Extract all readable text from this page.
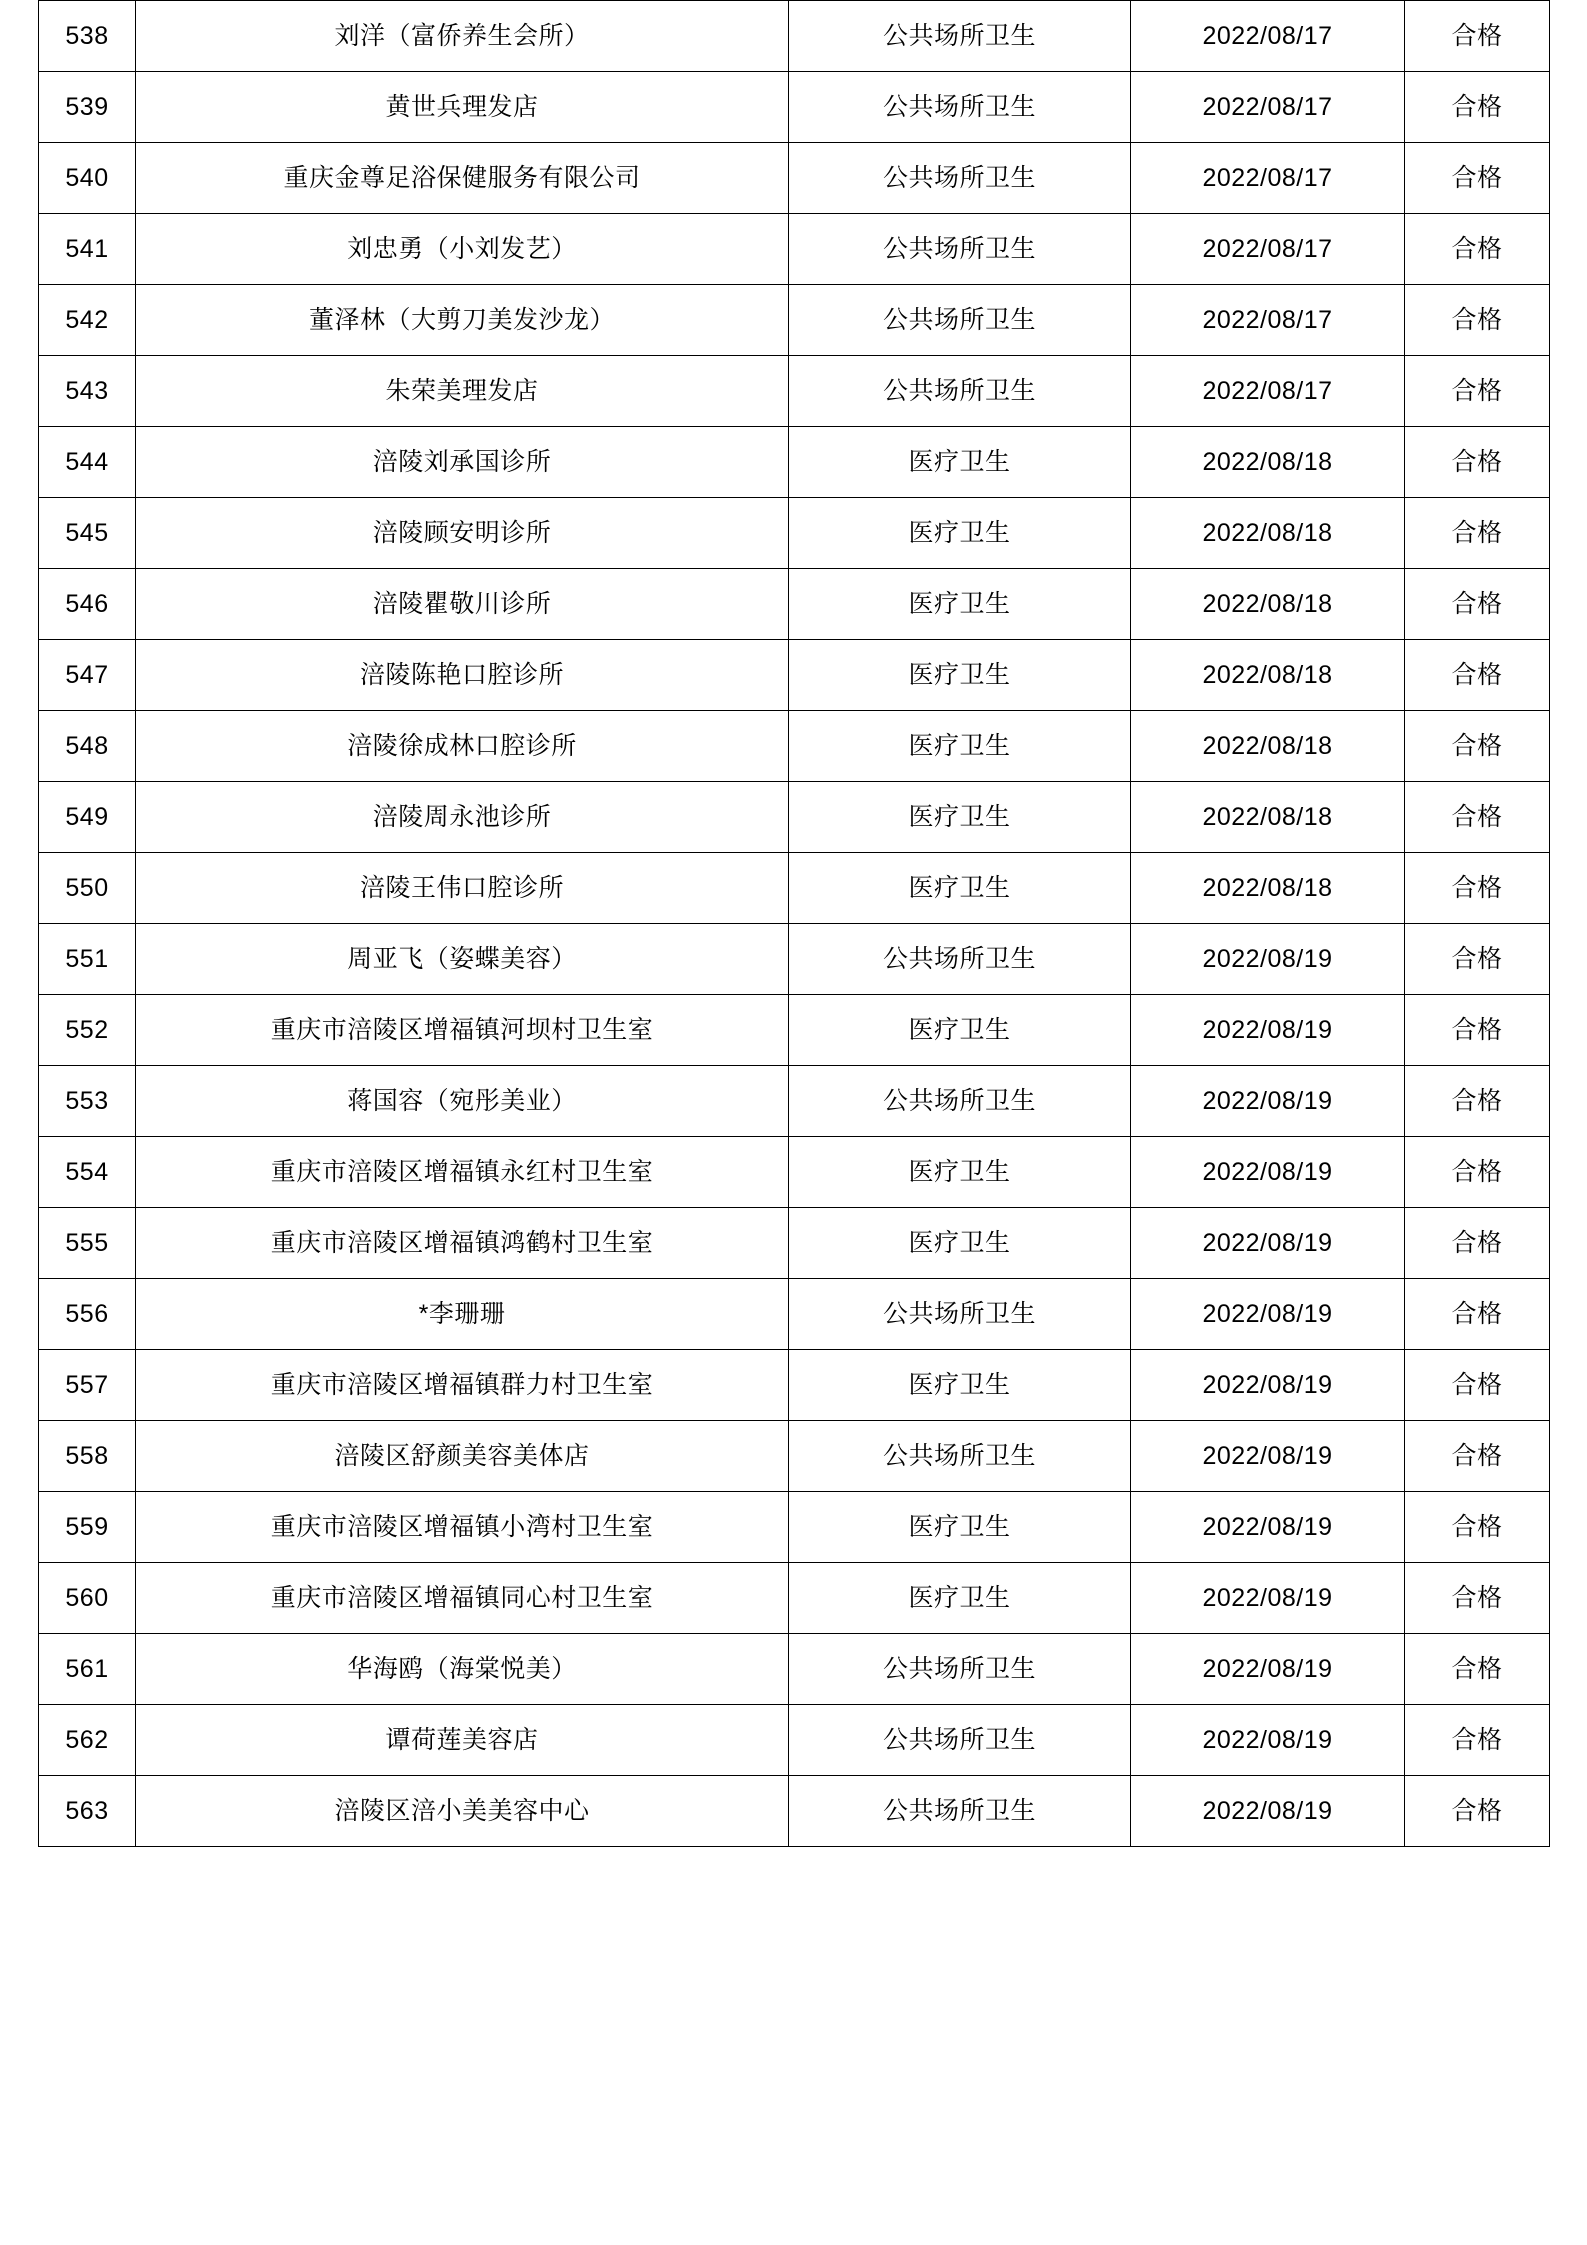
538	刘洋（富侨养生会所）	公共场所卫生	2022/08/17	合格
539	黄世兵理发店	公共场所卫生	2022/08/17	合格
540	重庆金尊足浴保健服务有限公司	公共场所卫生	2022/08/17	合格
541	刘忠勇（小刘发艺）	公共场所卫生	2022/08/17	合格
542	董泽林（大剪刀美发沙龙）	公共场所卫生	2022/08/17	合格
543	朱荣美理发店	公共场所卫生	2022/08/17	合格
544	涪陵刘承国诊所	医疗卫生	2022/08/18	合格
545	涪陵顾安明诊所	医疗卫生	2022/08/18	合格
546	涪陵瞿敬川诊所	医疗卫生	2022/08/18	合格
547	涪陵陈艳口腔诊所	医疗卫生	2022/08/18	合格
548	涪陵徐成林口腔诊所	医疗卫生	2022/08/18	合格
549	涪陵周永池诊所	医疗卫生	2022/08/18	合格
550	涪陵王伟口腔诊所	医疗卫生	2022/08/18	合格
551	周亚飞（姿蝶美容）	公共场所卫生	2022/08/19	合格
552	重庆市涪陵区增福镇河坝村卫生室	医疗卫生	2022/08/19	合格
553	蒋国容（宛彤美业）	公共场所卫生	2022/08/19	合格
554	重庆市涪陵区增福镇永红村卫生室	医疗卫生	2022/08/19	合格
555	重庆市涪陵区增福镇鸿鹤村卫生室	医疗卫生	2022/08/19	合格
556	*李珊珊	公共场所卫生	2022/08/19	合格
557	重庆市涪陵区增福镇群力村卫生室	医疗卫生	2022/08/19	合格
558	涪陵区舒颜美容美体店	公共场所卫生	2022/08/19	合格
559	重庆市涪陵区增福镇小湾村卫生室	医疗卫生	2022/08/19	合格
560	重庆市涪陵区增福镇同心村卫生室	医疗卫生	2022/08/19	合格
561	华海鸥（海棠悦美）	公共场所卫生	2022/08/19	合格
562	谭荷莲美容店	公共场所卫生	2022/08/19	合格
563	涪陵区涪小美美容中心	公共场所卫生	2022/08/19	合格
